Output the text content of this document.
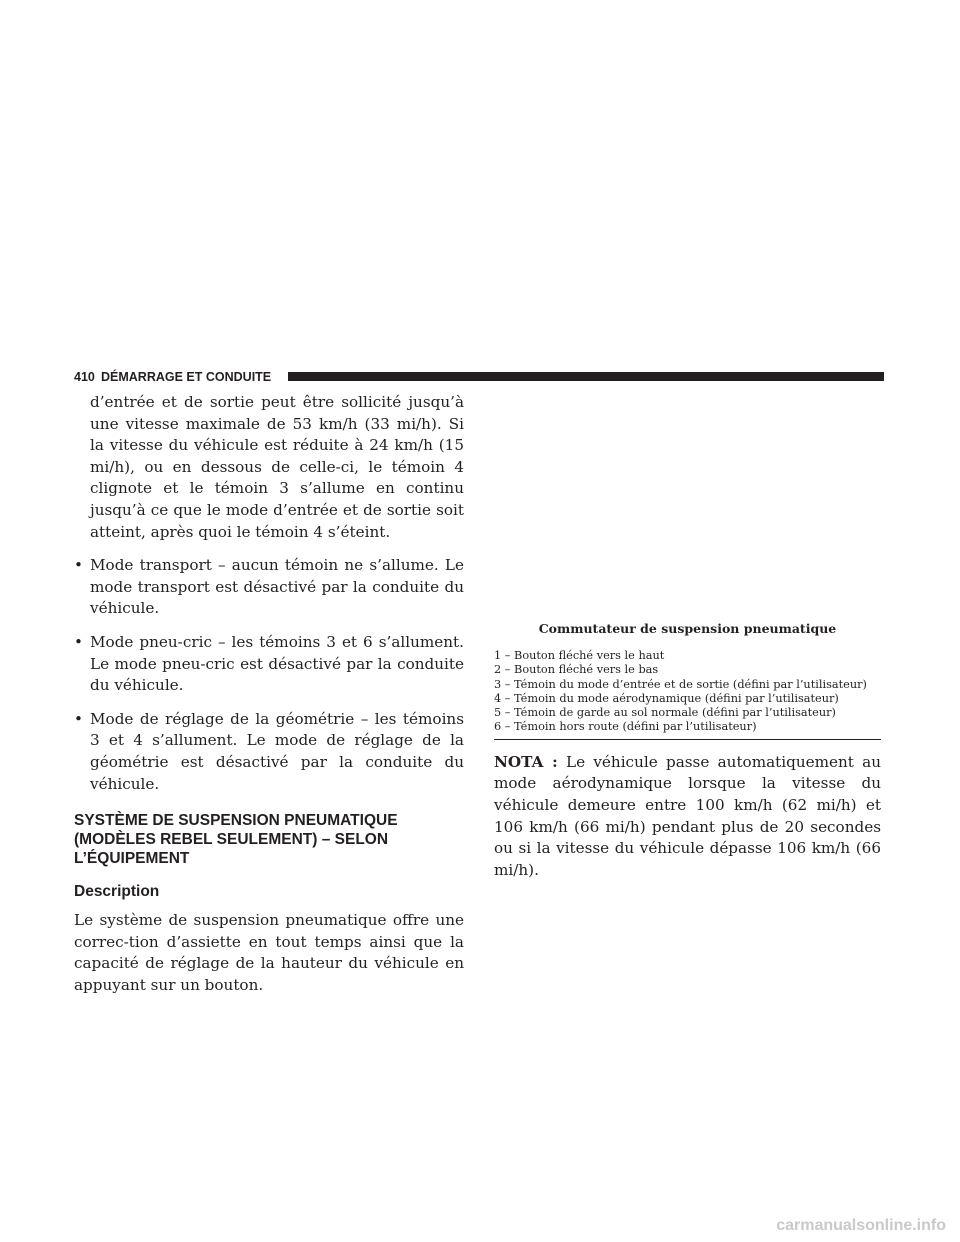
410 DÉMARRAGE ET CONDUITE

d’entrée et de sortie peut être sollicité jusqu’à une vitesse maximale de 53 km/h (33 mi/h). Si la vitesse du véhicule est réduite à 24 km/h (15 mi/h), ou en dessous de celle-ci, le témoin 4 clignote et le témoin 3 s’allume en continu jusqu’à ce que le mode d’entrée et de sortie soit atteint, après quoi le témoin 4 s’éteint.

• Mode transport – aucun témoin ne s’allume. Le mode transport est désactivé par la conduite du véhicule.
• Mode pneu-cric – les témoins 3 et 6 s’allument. Le mode pneu-cric est désactivé par la conduite du véhicule.
• Mode de réglage de la géométrie – les témoins 3 et 4 s’allument. Le mode de réglage de la géométrie est désactivé par la conduite du véhicule.
SYSTÈME DE SUSPENSION PNEUMATIQUE
(MODÈLES REBEL SEULEMENT) – SELON
L’ÉQUIPEMENT
Description

Le système de suspension pneumatique offre une correc-tion d’assiette en tout temps ainsi que la capacité de réglage de la hauteur du véhicule en appuyant sur un bouton.

Commutateur de suspension pneumatique
1 – Bouton fléché vers le haut
2 – Bouton fléché vers le bas
3 – Témoin du mode d’entrée et de sortie (défini par l’utilisateur)
4 – Témoin du mode aérodynamique (défini par l’utilisateur)
5 – Témoin de garde au sol normale (défini par l’utilisateur)
6 – Témoin hors route (défini par l’utilisateur)

NOTA : Le véhicule passe automatiquement au mode aérodynamique lorsque la vitesse du véhicule demeure entre 100 km/h (62 mi/h) et 106 km/h (66 mi/h) pendant plus de 20 secondes ou si la vitesse du véhicule dépasse 106 km/h (66 mi/h).

carmanualsonline.info
